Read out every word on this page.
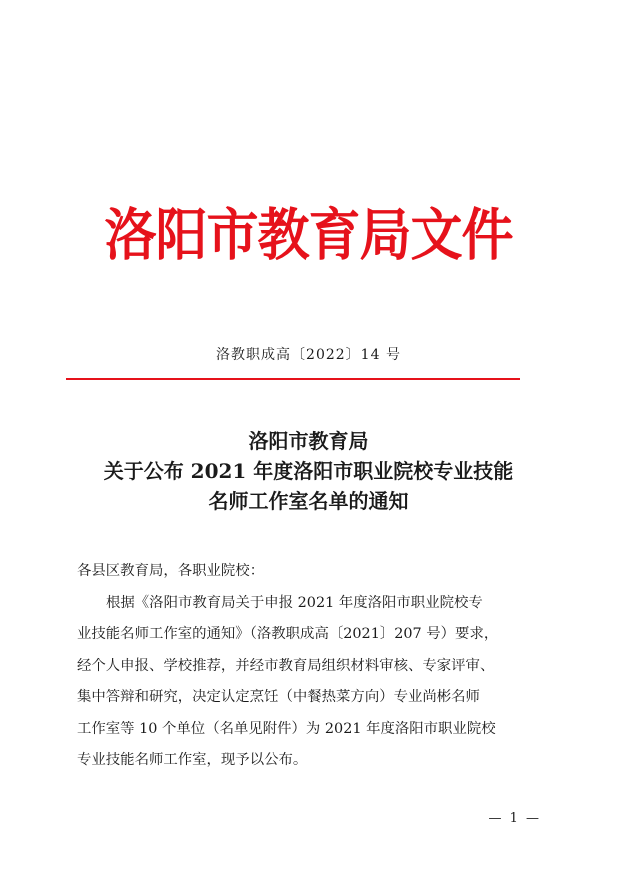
洛阳市教育局文件
洛教职成高〔2022〕14 号
洛阳市教育局
关于公布 2021 年度洛阳市职业院校专业技能
名师工作室名单的通知
各县区教育局，各职业院校：
根据《洛阳市教育局关于申报 2021 年度洛阳市职业院校专
业技能名师工作室的通知》（洛教职成高〔2021〕207 号）要求，
经个人申报、学校推荐，并经市教育局组织材料审核、专家评审、
集中答辩和研究，决定认定烹饪（中餐热菜方向）专业尚彬名师
工作室等 10 个单位（名单见附件）为 2021 年度洛阳市职业院校
专业技能名师工作室，现予以公布。
— 1 —
